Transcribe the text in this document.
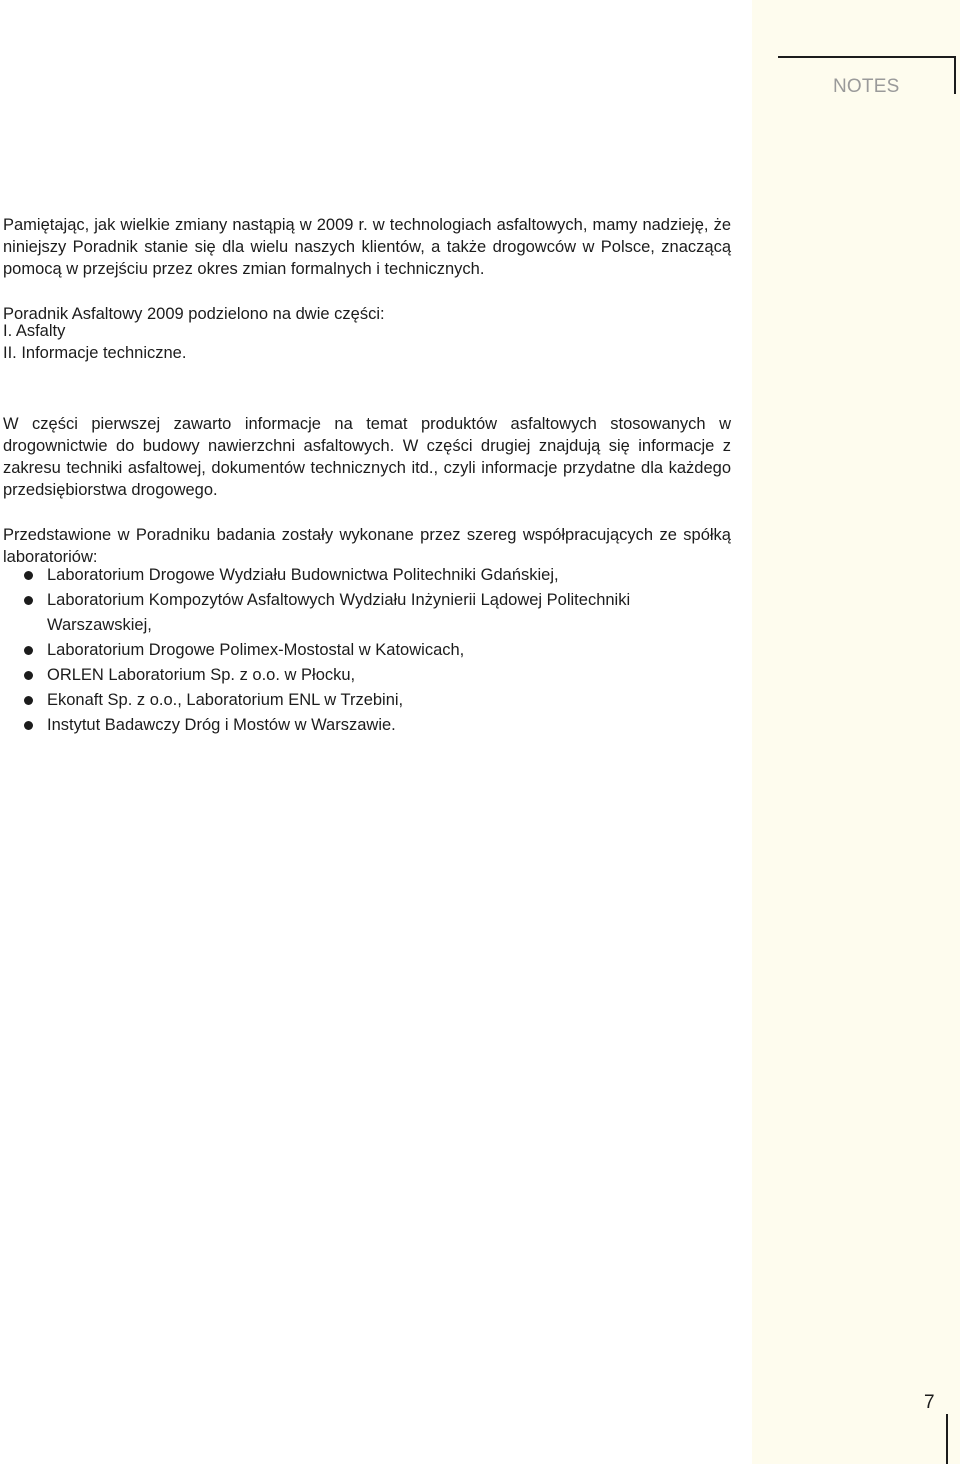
NOTES

Pamiętając, jak wielkie zmiany nastąpią w 2009 r. w technologiach asfaltowych, mamy nadzieję, że niniejszy Poradnik stanie się dla wielu naszych klientów, a także drogowców w Polsce, znaczącą pomocą w przejściu przez okres zmian formalnych i technicznych.

Poradnik Asfaltowy 2009 podzielono na dwie części:

I. Asfalty
II. Informacje techniczne.

W części pierwszej zawarto informacje na temat produktów asfaltowych stosowanych w drogownictwie do budowy nawierzchni asfaltowych. W części drugiej znajdują się informacje z zakresu techniki asfaltowej, dokumentów technicznych itd., czyli informacje przydatne dla każdego przedsiębiorstwa drogowego.

Przedstawione w Poradniku badania zostały wykonane przez szereg współpracujących ze spółką laboratoriów:

Laboratorium Drogowe Wydziału Budownictwa Politechniki Gdańskiej,
Laboratorium Kompozytów Asfaltowych Wydziału Inżynierii Lądowej Politechniki Warszawskiej,
Laboratorium Drogowe Polimex-Mostostal w Katowicach,
ORLEN Laboratorium Sp. z o.o. w Płocku,
Ekonaft Sp. z o.o., Laboratorium ENL w Trzebini,
Instytut Badawczy Dróg i Mostów w Warszawie.
7
